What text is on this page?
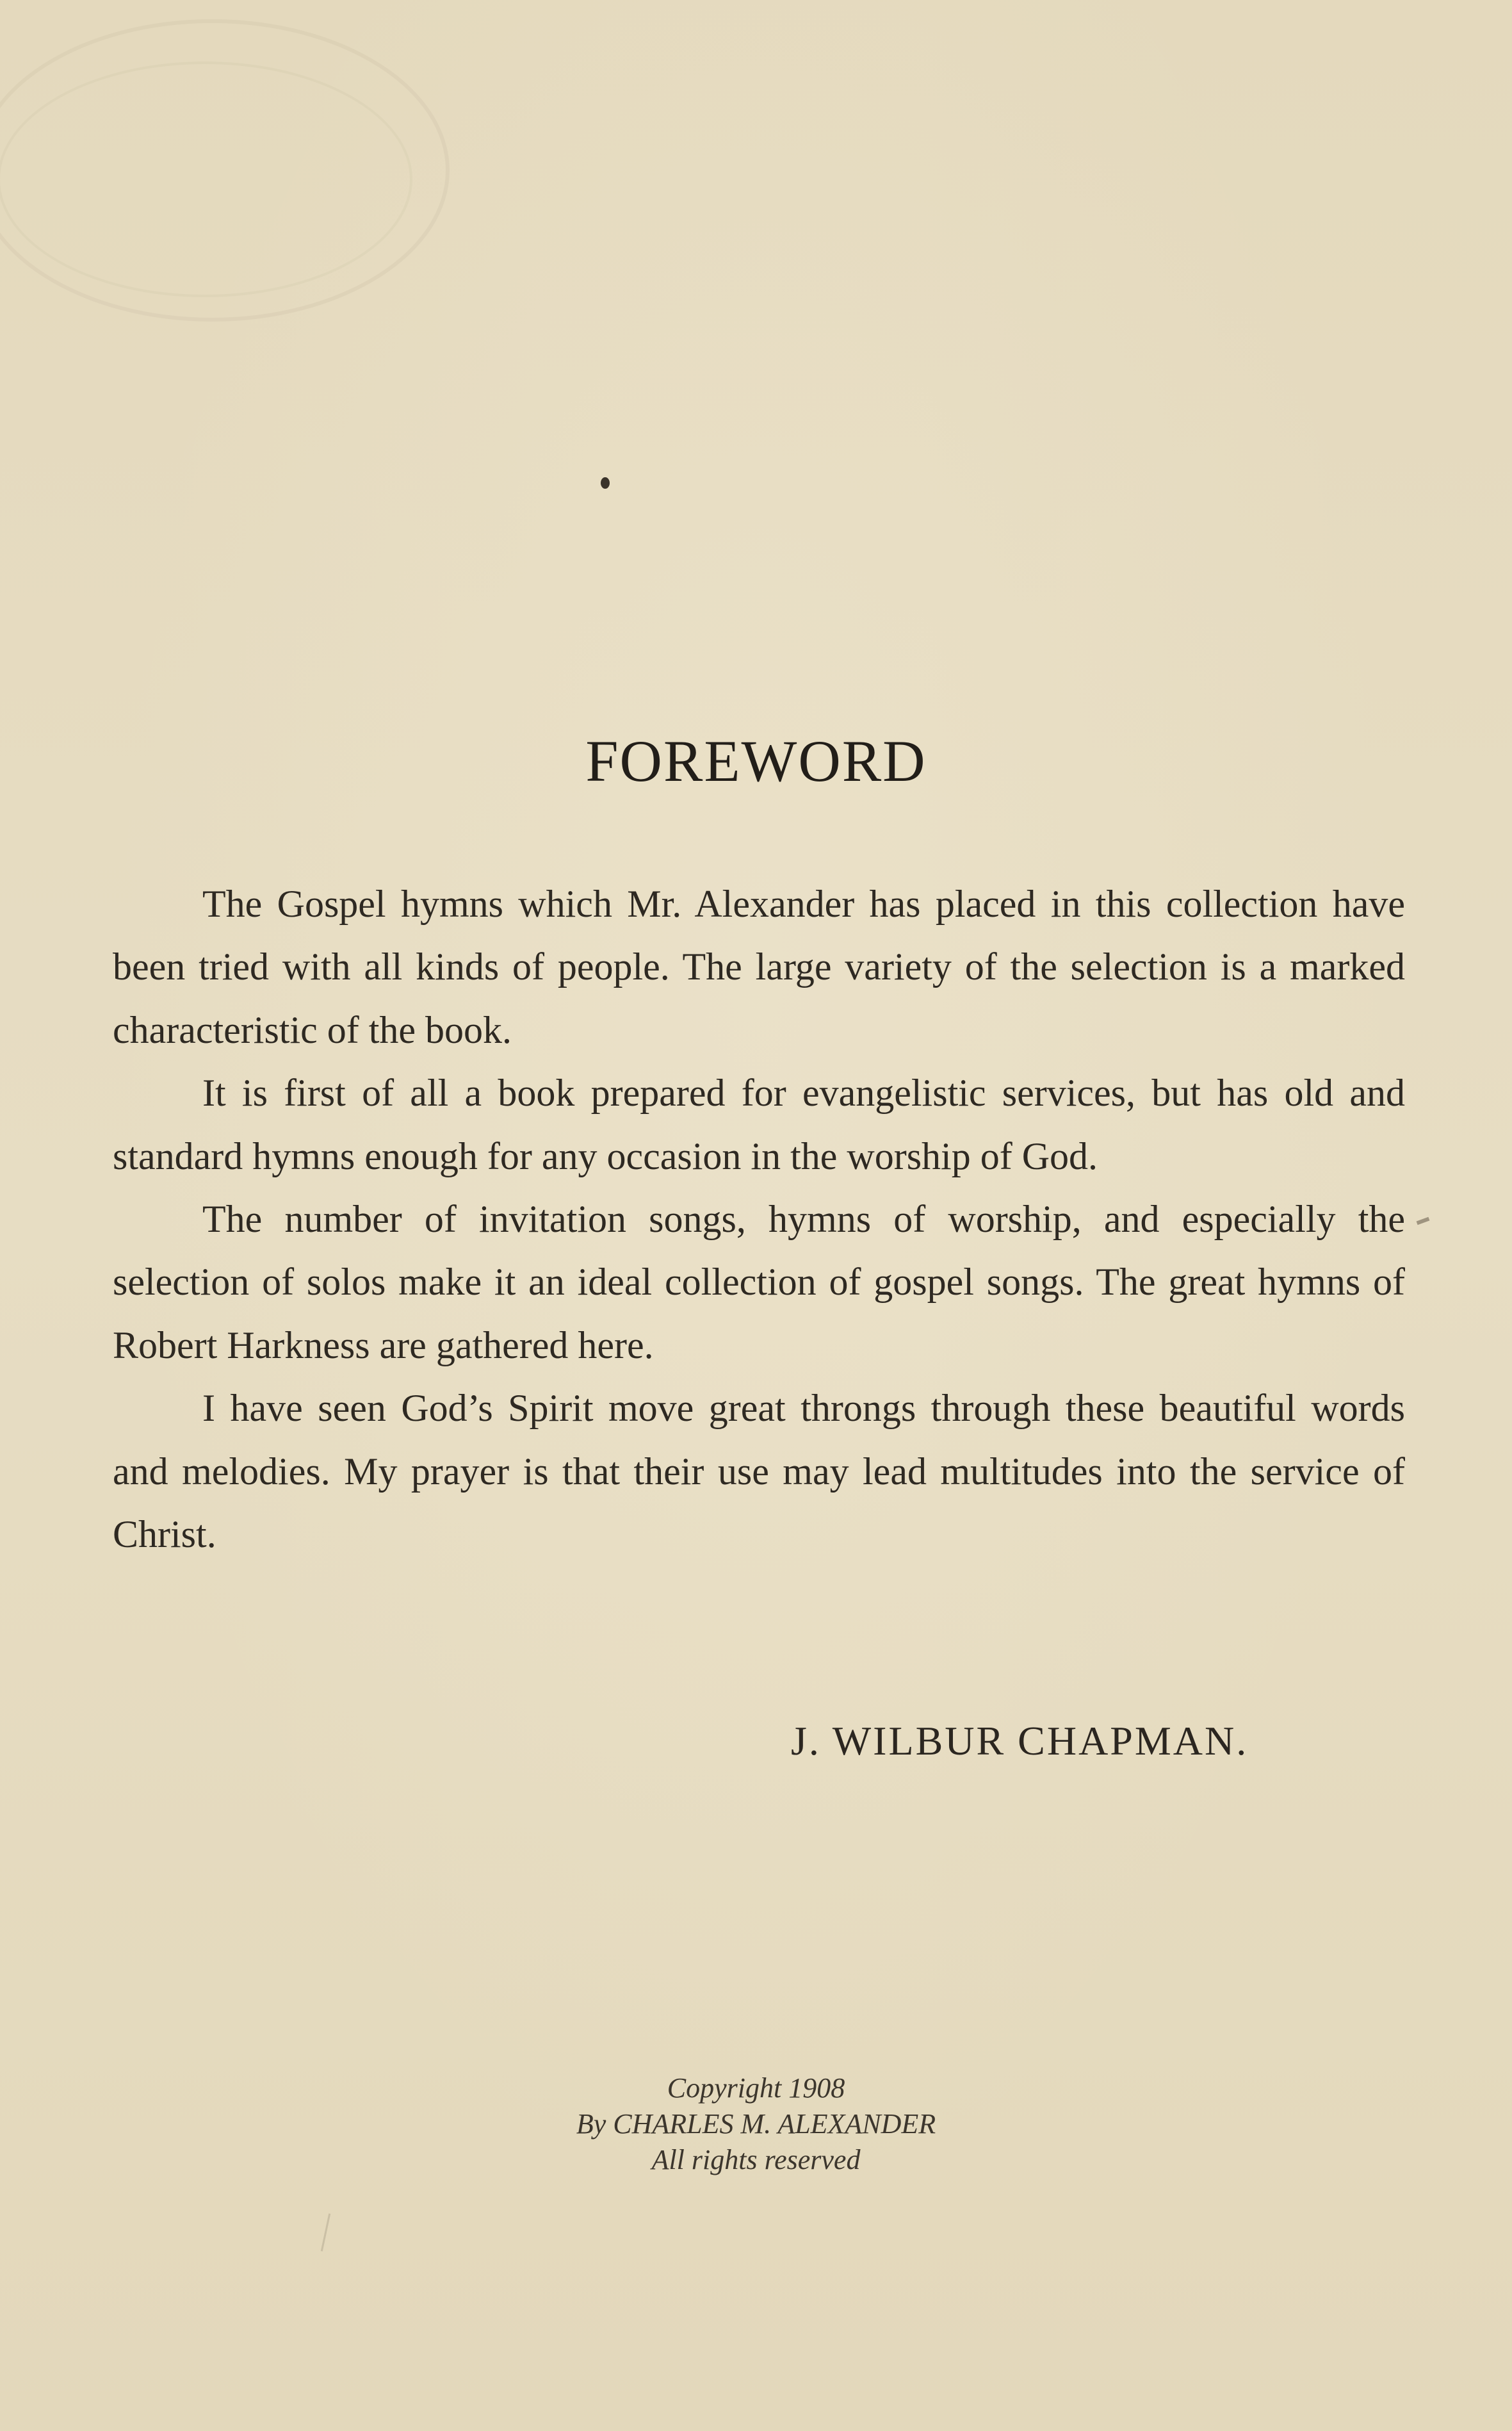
FOREWORD

The Gospel hymns which Mr. Alexander has placed in this collection have been tried with all kinds of people. The large variety of the selection is a marked characteristic of the book.

It is first of all a book prepared for evangelistic services, but has old and standard hymns enough for any occasion in the worship of God.

The number of invitation songs, hymns of worship, and especially the selection of solos make it an ideal collection of gospel songs. The great hymns of Robert Harkness are gathered here.

I have seen God’s Spirit move great throngs through these beautiful words and melodies. My prayer is that their use may lead multitudes into the service of Christ.

J. WILBUR CHAPMAN.
Copyright 1908
By CHARLES M. ALEXANDER
All rights reserved
